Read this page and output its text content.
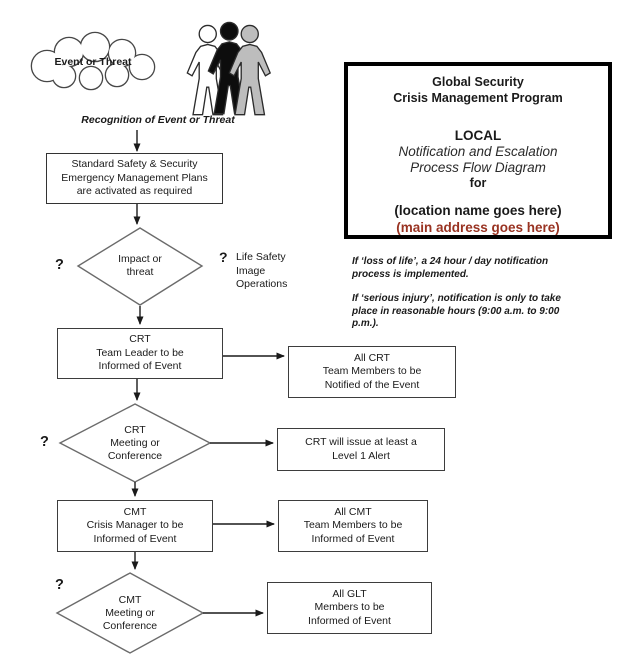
Event or Threat
Recognition of Event or Threat
Standard Safety & Security
Emergency Management Plans
are activated as required
CRT
Team Leader to be
Informed of Event
All CRT
Team Members to be
Notified of the Event
CRT will issue at least a
Level 1 Alert
CMT
Crisis Manager to be
Informed of Event
All CMT
Team Members to be
Informed of Event
All GLT
Members to be
Informed of Event
Impact or
threat
CRT
Meeting or
Conference
CMT
Meeting or
Conference
?
?
?
? Life Safety
Image
Operations
Global Security
Crisis Management Program
LOCAL
Notification and Escalation
Process Flow Diagram
for
(location name goes here)
(main address goes here)
If ‘loss of life’, a 24 hour / day notification process is implemented.
If ‘serious injury’, notification is only to take place in reasonable hours (9:00 a.m. to 9:00 p.m.).
